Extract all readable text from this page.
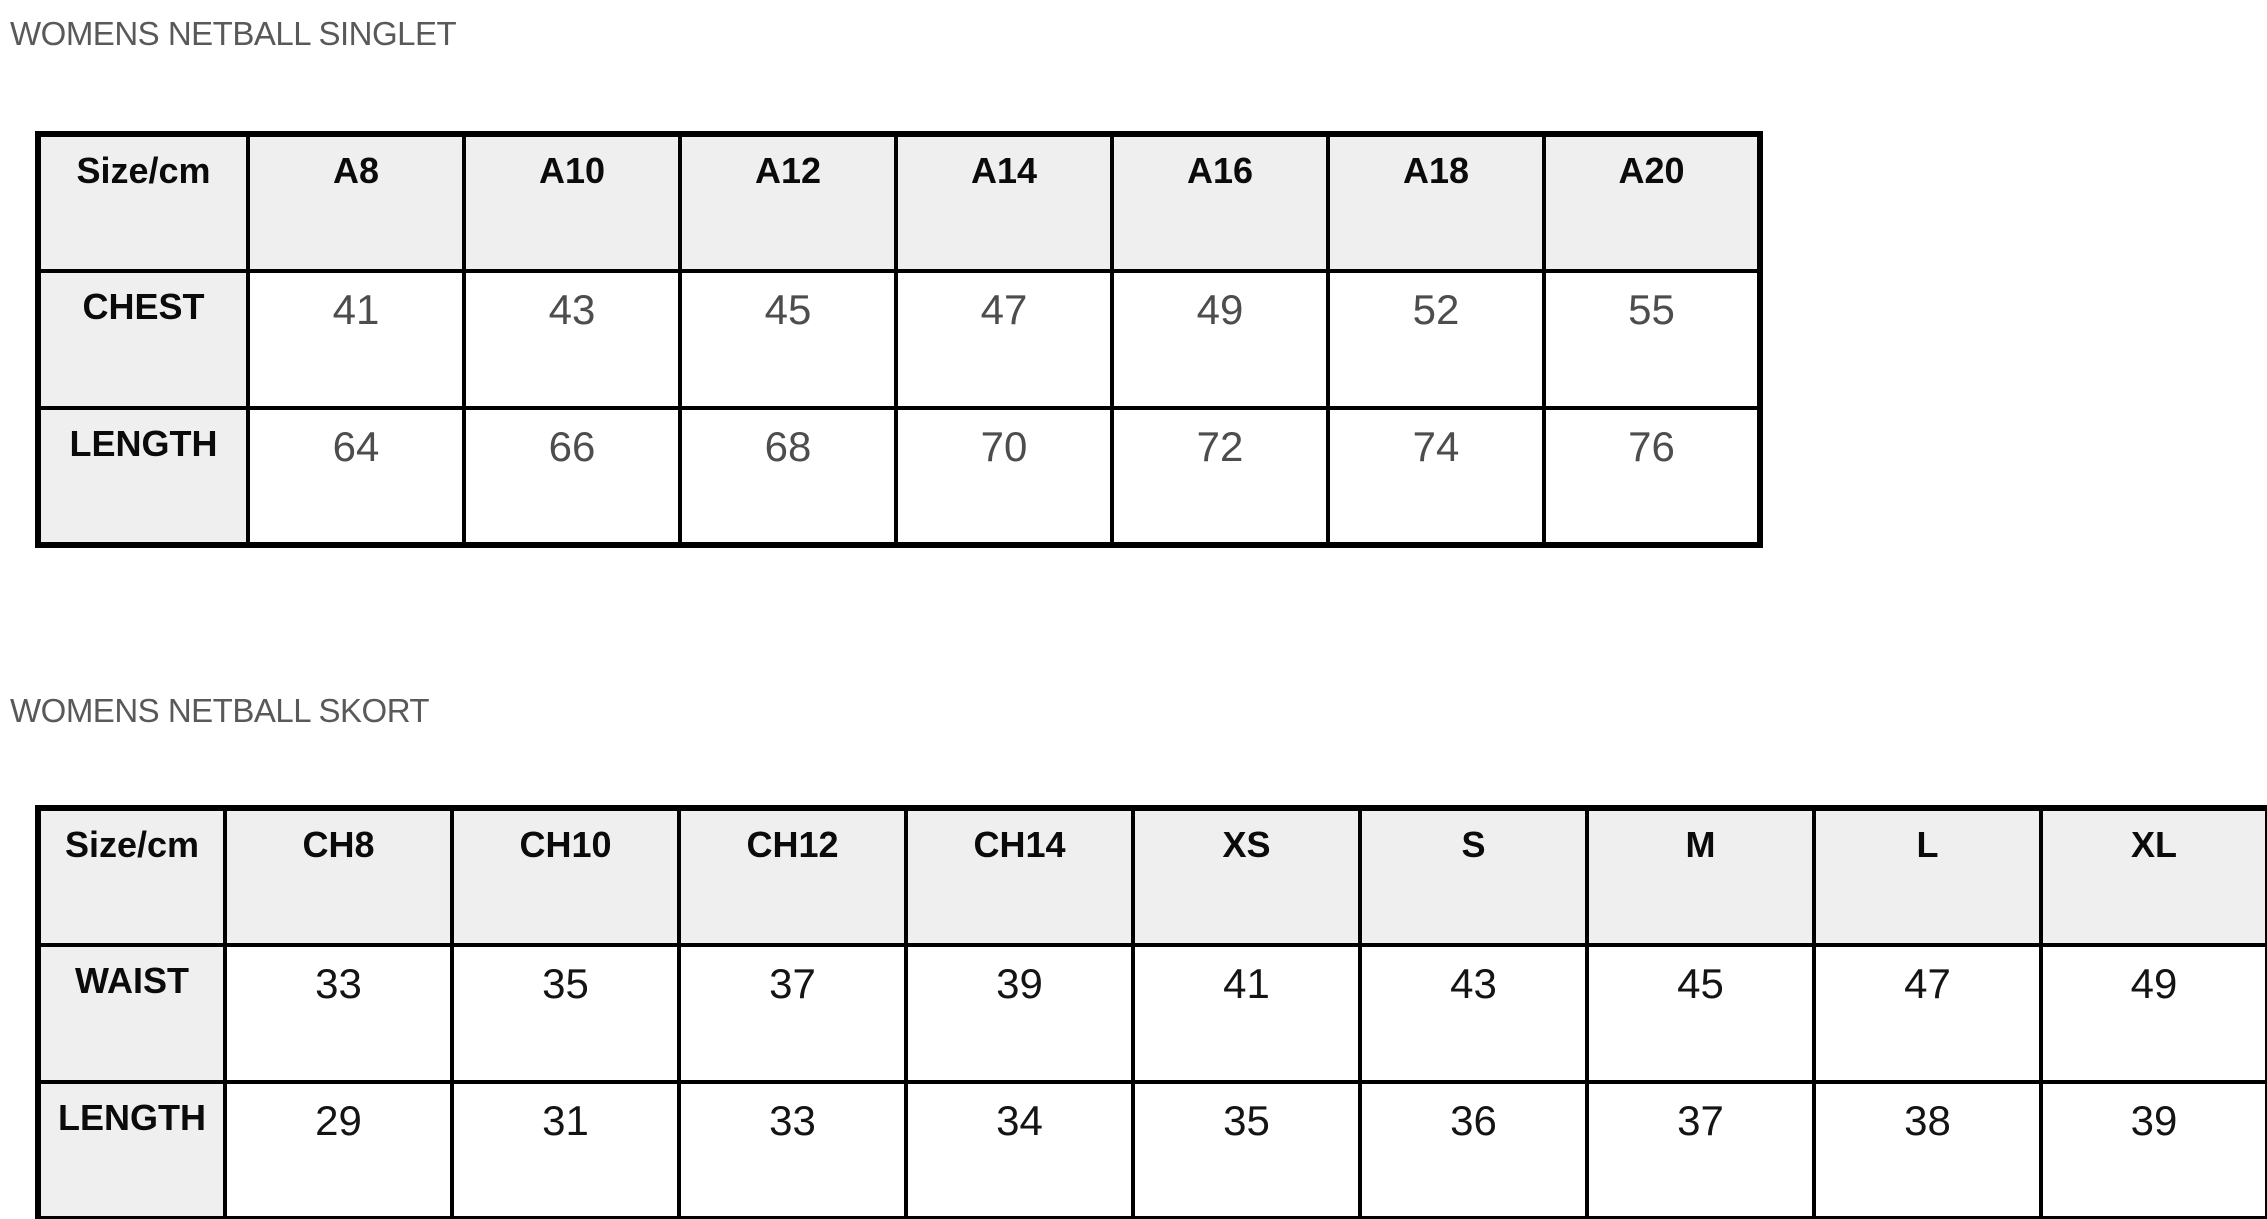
WOMENS NETBALL SINGLET
Size/cm	A8	A10	A12	A14	A16	A18	A20
CHEST	41	43	45	47	49	52	55
LENGTH	64	66	68	70	72	74	76
WOMENS NETBALL SKORT
Size/cm	CH8	CH10	CH12	CH14	XS	S	M	L	XL
WAIST	33	35	37	39	41	43	45	47	49
LENGTH	29	31	33	34	35	36	37	38	39
